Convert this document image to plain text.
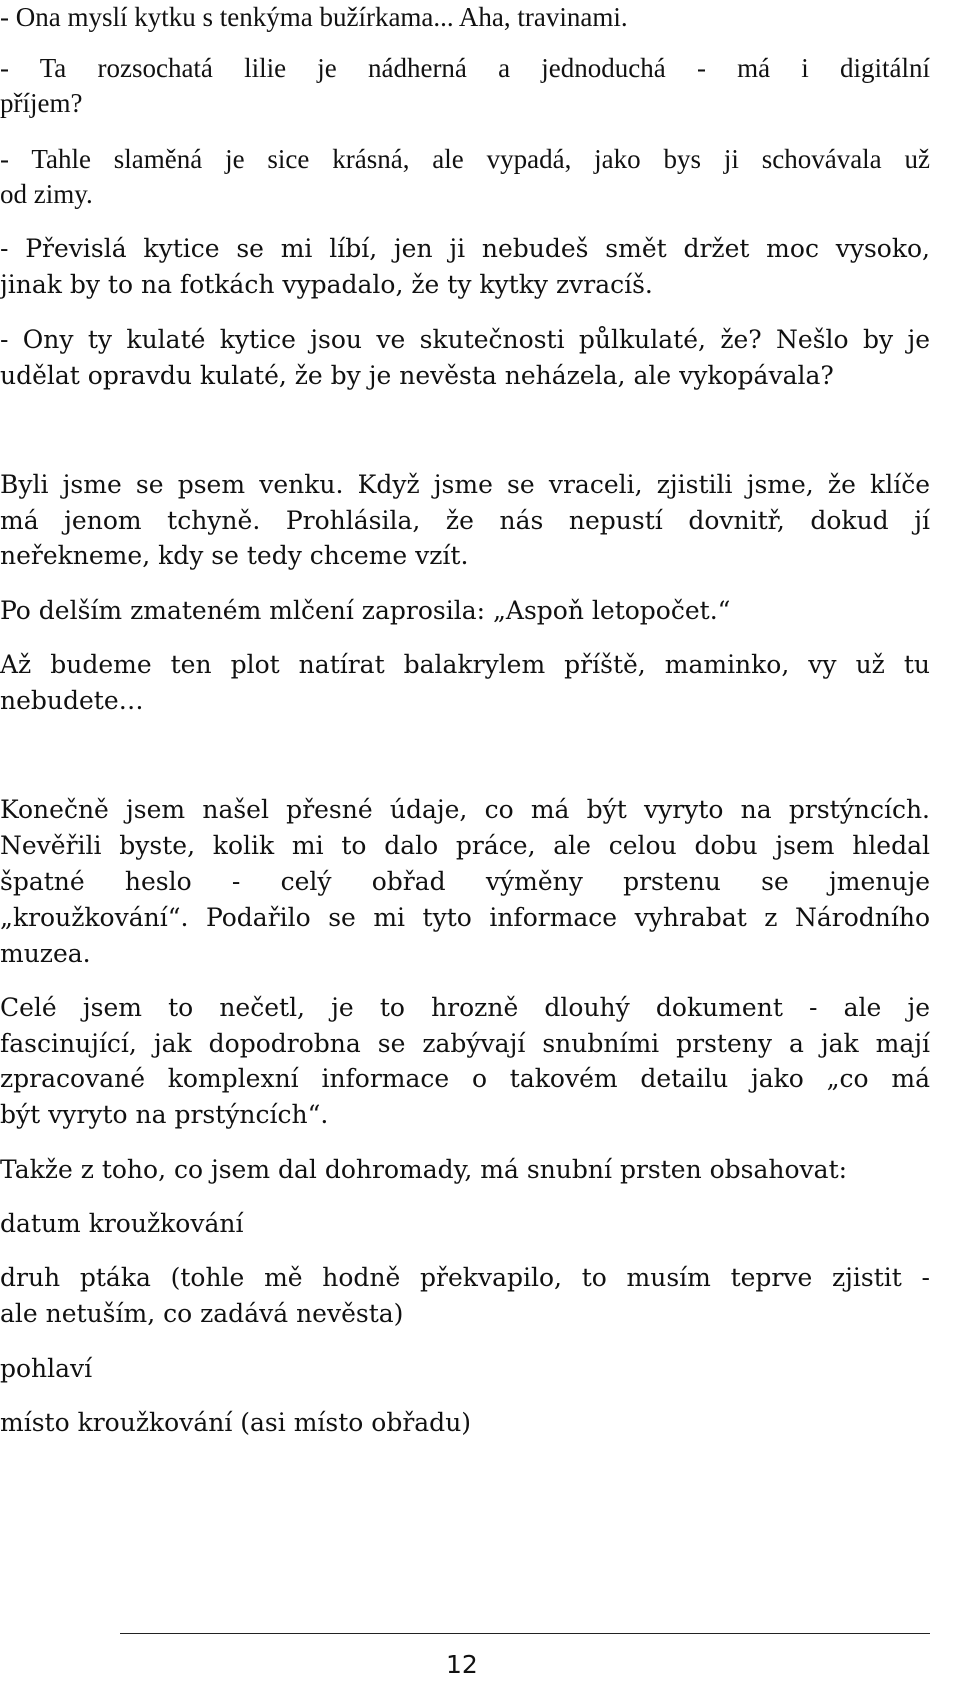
- Ona myslí kytku s tenkýma bužírkama... Aha, travinami.
- Ta rozsochatá lilie je nádherná a jednoduchá - má i digitální
příjem?
- Tahle slaměná je sice krásná, ale vypadá, jako bys ji schovávala už
od zimy.
- Převislá kytice se mi líbí, jen ji nebudeš smět držet moc vysoko,
jinak by to na fotkách vypadalo, že ty kytky zvracíš.
- Ony ty kulaté kytice jsou ve skutečnosti půlkulaté, že? Nešlo by je
udělat opravdu kulaté, že by je nevěsta neházela, ale vykopávala?
Byli jsme se psem venku. Když jsme se vraceli, zjistili jsme, že klíče
má jenom tchyně. Prohlásila, že nás nepustí dovnitř, dokud jí
neřekneme, kdy se tedy chceme vzít.
Po delším zmateném mlčení zaprosila: „Aspoň letopočet.“
Až budeme ten plot natírat balakrylem příště, maminko, vy už tu
nebudete…
Konečně jsem našel přesné údaje, co má být vyryto na prstýncích.
Nevěřili byste, kolik mi to dalo práce, ale celou dobu jsem hledal
špatné heslo - celý obřad výměny prstenu se jmenuje
„kroužkování“. Podařilo se mi tyto informace vyhrabat z Národního
muzea.
Celé jsem to nečetl, je to hrozně dlouhý dokument - ale je
fascinující, jak dopodrobna se zabývají snubními prsteny a jak mají
zpracované komplexní informace o takovém detailu jako „co má
být vyryto na prstýncích“.
Takže z toho, co jsem dal dohromady, má snubní prsten obsahovat:
datum kroužkování
druh ptáka (tohle mě hodně překvapilo, to musím teprve zjistit -
ale netuším, co zadává nevěsta)
pohlaví
místo kroužkování (asi místo obřadu)
12
